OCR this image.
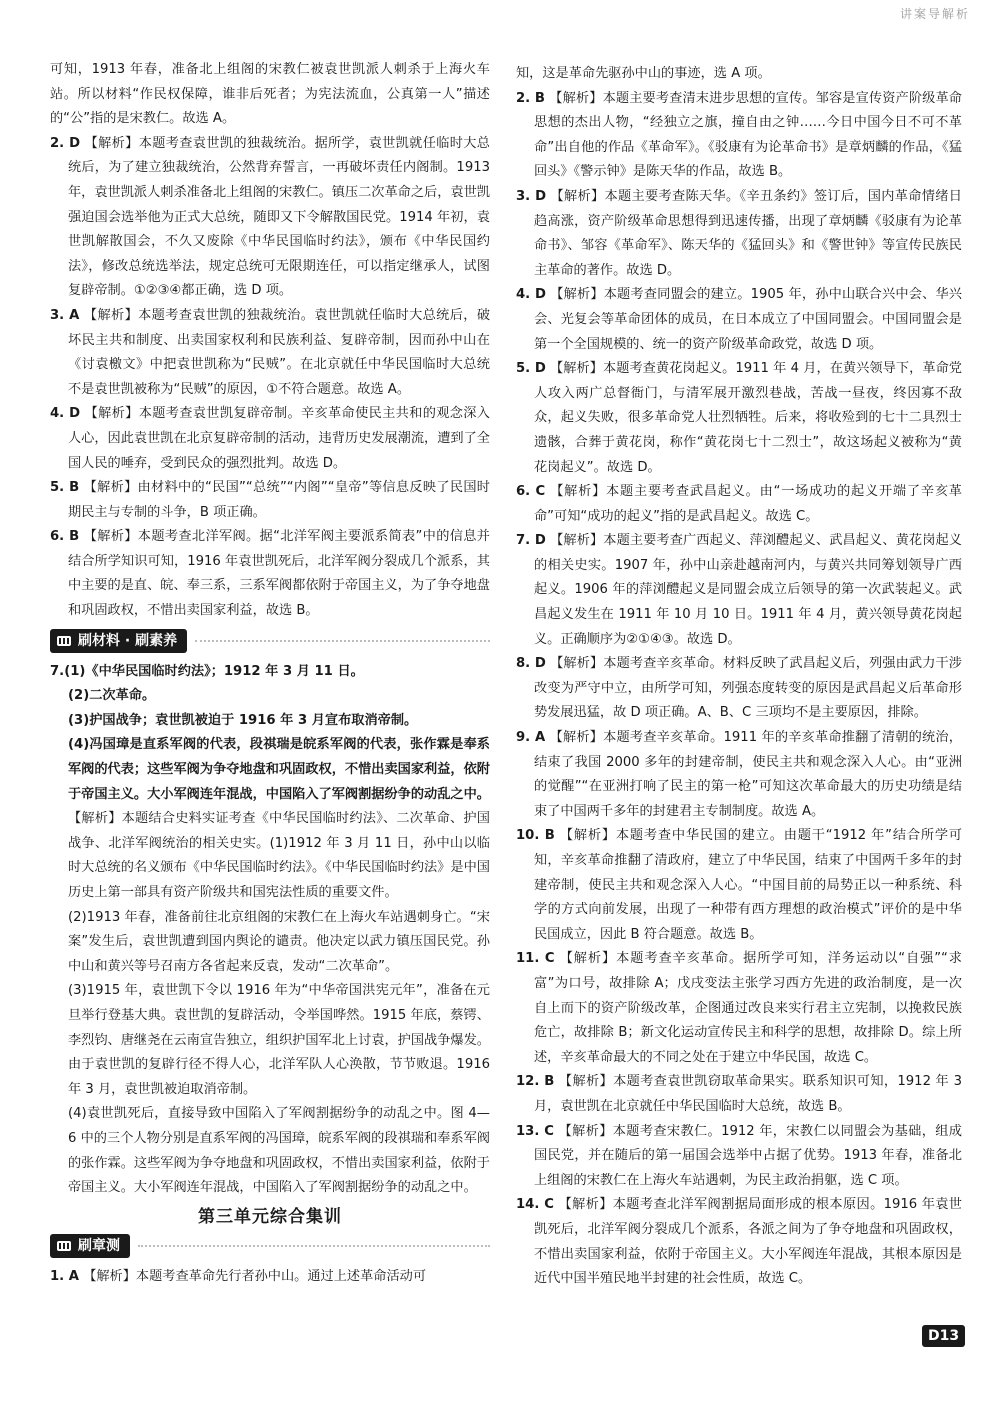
讲案导解析
可知，1913 年春，准备北上组阁的宋教仁被袁世凯派人刺杀于上海火车站。所以材料“作民权保障，谁非后死者；为宪法流血，公真第一人”描述的“公”指的是宋教仁。故选 A。
2. D 【解析】本题考查袁世凯的独裁统治。据所学，袁世凯就任临时大总统后，为了建立独裁统治，公然背弃誓言，一再破坏责任内阁制。1913 年，袁世凯派人刺杀准备北上组阁的宋教仁。镇压二次革命之后，袁世凯强迫国会选举他为正式大总统，随即又下令解散国民党。1914 年初，袁世凯解散国会，不久又废除《中华民国临时约法》，颁布《中华民国约法》，修改总统选举法，规定总统可无限期连任，可以指定继承人，试图复辟帝制。①②③④都正确，选 D 项。
3. A 【解析】本题考查袁世凯的独裁统治。袁世凯就任临时大总统后，破坏民主共和制度、出卖国家权利和民族利益、复辟帝制，因而孙中山在《讨袁檄文》中把袁世凯称为“民贼”。在北京就任中华民国临时大总统不是袁世凯被称为“民贼”的原因，①不符合题意。故选 A。
4. D 【解析】本题考查袁世凯复辟帝制。辛亥革命使民主共和的观念深入人心，因此袁世凯在北京复辟帝制的活动，违背历史发展潮流，遭到了全国人民的唾弃，受到民众的强烈批判。故选 D。
5. B 【解析】由材料中的“民国”“总统”“内阁”“皇帝”等信息反映了民国时期民主与专制的斗争，B 项正确。
6. B 【解析】本题考查北洋军阀。据“北洋军阀主要派系简表”中的信息并结合所学知识可知，1916 年袁世凯死后，北洋军阀分裂成几个派系，其中主要的是直、皖、奉三系，三系军阀都依附于帝国主义，为了争夺地盘和巩固政权，不惜出卖国家利益，故选 B。
刷材料 · 刷素养
7.(1)《中华民国临时约法》；1912 年 3 月 11 日。
(2)二次革命。
(3)护国战争；袁世凯被迫于 1916 年 3 月宣布取消帝制。
(4)冯国璋是直系军阀的代表，段祺瑞是皖系军阀的代表，张作霖是奉系军阀的代表；这些军阀为争夺地盘和巩固政权，不惜出卖国家利益，依附于帝国主义。大小军阀连年混战，中国陷入了军阀割据纷争的动乱之中。
【解析】本题结合史料实证考查《中华民国临时约法》、二次革命、护国战争、北洋军阀统治的相关史实。(1)1912 年 3 月 11 日，孙中山以临时大总统的名义颁布《中华民国临时约法》。《中华民国临时约法》是中国历史上第一部具有资产阶级共和国宪法性质的重要文件。
(2)1913 年春，准备前往北京组阁的宋教仁在上海火车站遇刺身亡。“宋案”发生后，袁世凯遭到国内舆论的谴责。他决定以武力镇压国民党。孙中山和黄兴等号召南方各省起来反袁，发动“二次革命”。
(3)1915 年，袁世凯下令以 1916 年为“中华帝国洪宪元年”，准备在元旦举行登基大典。袁世凯的复辟活动，令举国哗然。1915 年底，蔡锷、李烈钧、唐继尧在云南宣告独立，组织护国军北上讨袁，护国战争爆发。由于袁世凯的复辟行径不得人心，北洋军队人心涣散，节节败退。1916 年 3 月，袁世凯被迫取消帝制。
(4)袁世凯死后，直接导致中国陷入了军阀割据纷争的动乱之中。图 4—6 中的三个人物分别是直系军阀的冯国璋，皖系军阀的段祺瑞和奉系军阀的张作霖。这些军阀为争夺地盘和巩固政权，不惜出卖国家利益，依附于帝国主义。大小军阀连年混战，中国陷入了军阀割据纷争的动乱之中。
第三单元综合集训
刷章测
1. A 【解析】本题考查革命先行者孙中山。通过上述革命活动可
知，这是革命先驱孙中山的事迹，选 A 项。
2. B 【解析】本题主要考查清末进步思想的宣传。邹容是宣传资产阶级革命思想的杰出人物，“经独立之旗，撞自由之钟……今日中国今日不可不革命”出自他的作品《革命军》。《驳康有为论革命书》是章炳麟的作品，《猛回头》《警示钟》是陈天华的作品，故选 B。
3. D 【解析】本题主要考查陈天华。《辛丑条约》签订后，国内革命情绪日趋高涨，资产阶级革命思想得到迅速传播，出现了章炳麟《驳康有为论革命书》、邹容《革命军》、陈天华的《猛回头》和《警世钟》等宣传民族民主革命的著作。故选 D。
4. D 【解析】本题考查同盟会的建立。1905 年，孙中山联合兴中会、华兴会、光复会等革命团体的成员，在日本成立了中国同盟会。中国同盟会是第一个全国规模的、统一的资产阶级革命政党，故选 D 项。
5. D 【解析】本题考查黄花岗起义。1911 年 4 月，在黄兴领导下，革命党人攻入两广总督衙门，与清军展开激烈巷战，苦战一昼夜，终因寡不敌众，起义失败，很多革命党人壮烈牺牲。后来，将收殓到的七十二具烈士遗骸，合葬于黄花岗，称作“黄花岗七十二烈士”，故这场起义被称为“黄花岗起义”。故选 D。
6. C 【解析】本题主要考查武昌起义。由“一场成功的起义开端了辛亥革命”可知“成功的起义”指的是武昌起义。故选 C。
7. D 【解析】本题主要考查广西起义、萍浏醴起义、武昌起义、黄花岗起义的相关史实。1907 年，孙中山亲赴越南河内，与黄兴共同筹划领导广西起义。1906 年的萍浏醴起义是同盟会成立后领导的第一次武装起义。武昌起义发生在 1911 年 10 月 10 日。1911 年 4 月，黄兴领导黄花岗起义。正确顺序为②①④③。故选 D。
8. D 【解析】本题考查辛亥革命。材料反映了武昌起义后，列强由武力干涉改变为严守中立，由所学可知，列强态度转变的原因是武昌起义后革命形势发展迅猛，故 D 项正确。A、B、C 三项均不是主要原因，排除。
9. A 【解析】本题考查辛亥革命。1911 年的辛亥革命推翻了清朝的统治，结束了我国 2000 多年的封建帝制，使民主共和观念深入人心。由“亚洲的觉醒”“在亚洲打响了民主的第一枪”可知这次革命最大的历史功绩是结束了中国两千多年的封建君主专制制度。故选 A。
10. B 【解析】本题考查中华民国的建立。由题干“1912 年”结合所学可知，辛亥革命推翻了清政府，建立了中华民国，结束了中国两千多年的封建帝制，使民主共和观念深入人心。“中国目前的局势正以一种系统、科学的方式向前发展，出现了一种带有西方理想的政治模式”评价的是中华民国成立，因此 B 符合题意。故选 B。
11. C 【解析】本题考查辛亥革命。据所学可知，洋务运动以“自强”“求富”为口号，故排除 A；戊戌变法主张学习西方先进的政治制度，是一次自上而下的资产阶级改革，企图通过改良来实行君主立宪制，以挽救民族危亡，故排除 B；新文化运动宣传民主和科学的思想，故排除 D。综上所述，辛亥革命最大的不同之处在于建立中华民国，故选 C。
12. B 【解析】本题考查袁世凯窃取革命果实。联系知识可知，1912 年 3 月，袁世凯在北京就任中华民国临时大总统，故选 B。
13. C 【解析】本题考查宋教仁。1912 年，宋教仁以同盟会为基础，组成国民党，并在随后的第一届国会选举中占据了优势。1913 年春，准备北上组阁的宋教仁在上海火车站遇刺，为民主政治捐躯，选 C 项。
14. C 【解析】本题考查北洋军阀割据局面形成的根本原因。1916 年袁世凯死后，北洋军阀分裂成几个派系，各派之间为了争夺地盘和巩固政权，不惜出卖国家利益，依附于帝国主义。大小军阀连年混战，其根本原因是近代中国半殖民地半封建的社会性质，故选 C。
D13
